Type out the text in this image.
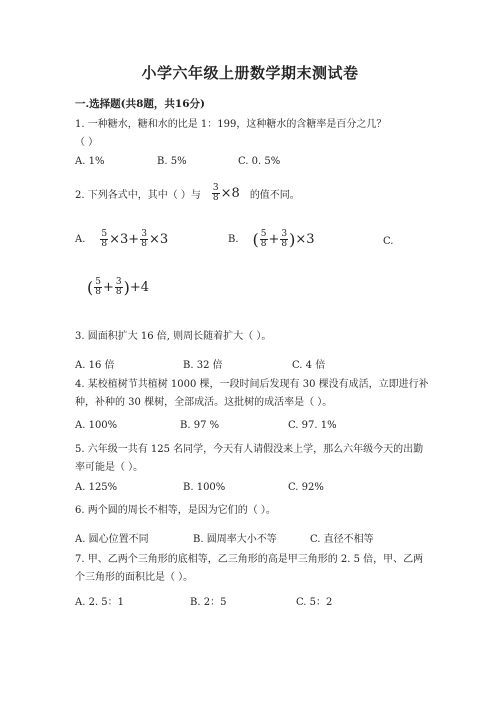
小学六年级上册数学期末测试卷
一.选择题(共8题，共16分)
1. 一种糖水，糖和水的比是 1：199，这种糖水的含糖率是百分之几？
（ ）
A. 1%	B. 5%	C. 0. 5%
2. 下列各式中，其中（ ）与 $\frac{3}{8} \times 8$ 的值不同。
A. $\frac{5}{8} \times 3+ \frac{3}{8} \times 3$	B. ( $\frac{5}{8} + \frac{3}{8} )\times 3$	C.
( $\frac{5}{8} + \frac{3}{8} )+4$
3. 圆面积扩大 16 倍, 则周长随着扩大（ ）。
A. 16 倍	B. 32 倍	C. 4 倍
4. 某校植树节共植树 1000 棵，一段时间后发现有 30 棵没有成活，立即进行补
种，补种的 30 棵树，全部成活。这批树的成活率是（ ）。
A. 100%	B. 97 %	C. 97. 1%
5. 六年级一共有 125 名同学，今天有人请假没来上学，那么六年级今天的出勤
率可能是（ ）。
A. 125%	B. 100%	C. 92%
6. 两个圆的周长不相等，是因为它们的（ ）。
A. 圆心位置不同	B. 圆周率大小不等	C. 直径不相等
7. 甲、乙两个三角形的底相等，乙三角形的高是甲三角形的 2. 5 倍，甲、乙两
个三角形的面积比是（ ）。
A. 2. 5：1	B. 2：5	C. 5：2
